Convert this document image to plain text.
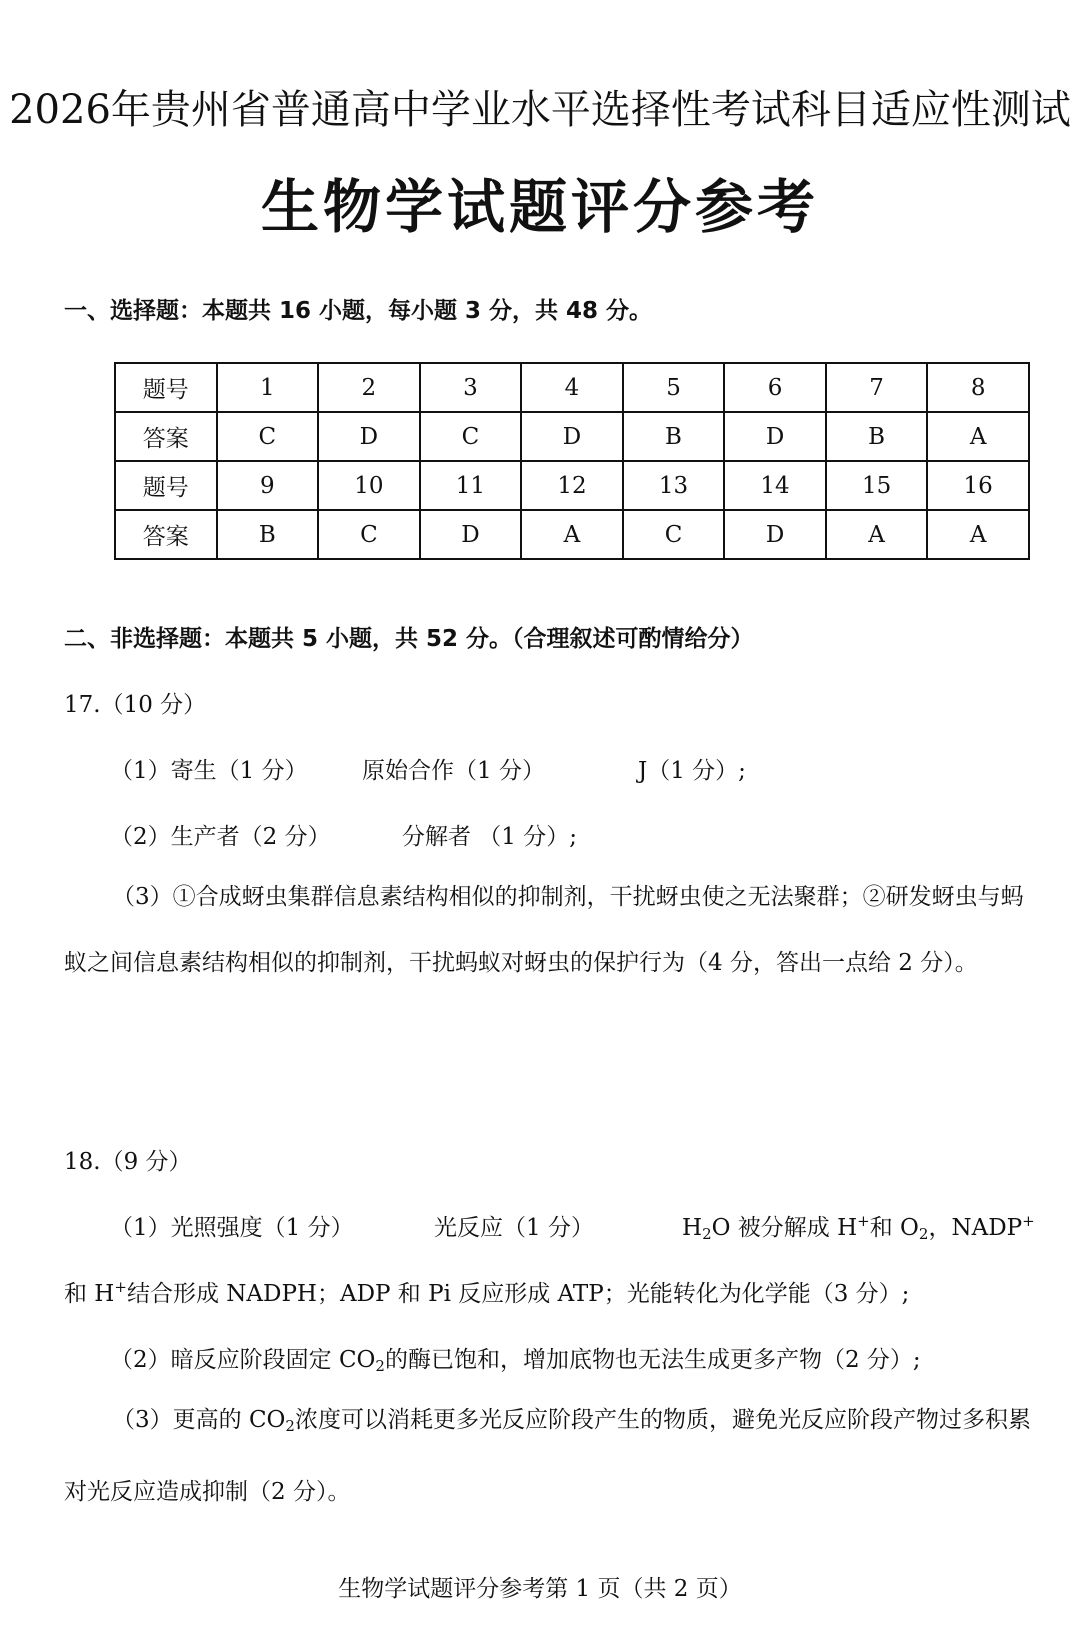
2026年贵州省普通高中学业水平选择性考试科目适应性测试
生物学试题评分参考
一、选择题：本题共 16 小题，每小题 3 分，共 48 分。
题号	1	2	3	4	5	6	7	8
答案	C	D	C	D	B	D	B	A
题号	9	10	11	12	13	14	15	16
答案	B	C	D	A	C	D	A	A
二、非选择题：本题共 5 小题，共 52 分。（合理叙述可酌情给分）
17.（10 分）
（1）寄生（1 分） 原始合作（1 分）	J（1 分）;
（2）生产者（2 分）	分解者 （1 分）;
（3）①合成蚜虫集群信息素结构相似的抑制剂，干扰蚜虫使之无法聚群；②研发蚜虫与蚂蚁之间信息素结构相似的抑制剂，干扰蚂蚁对蚜虫的保护行为（4 分，答出一点给 2 分）。
18.（9 分）
（1）光照强度（1 分）	光反应（1 分）	$H_2O$ 被分解成 H+和 $O_2$，NADP+
和 H+结合形成 NADPH；ADP 和 Pi 反应形成 ATP；光能转化为化学能（3 分）;
（2）暗反应阶段固定 $CO_2$的酶已饱和，增加底物也无法生成更多产物（2 分）;
（3）更高的 $CO_2$浓度可以消耗更多光反应阶段产生的物质，避免光反应阶段产物过多积累对光反应造成抑制（2 分）。
生物学试题评分参考第 1 页（共 2 页）
